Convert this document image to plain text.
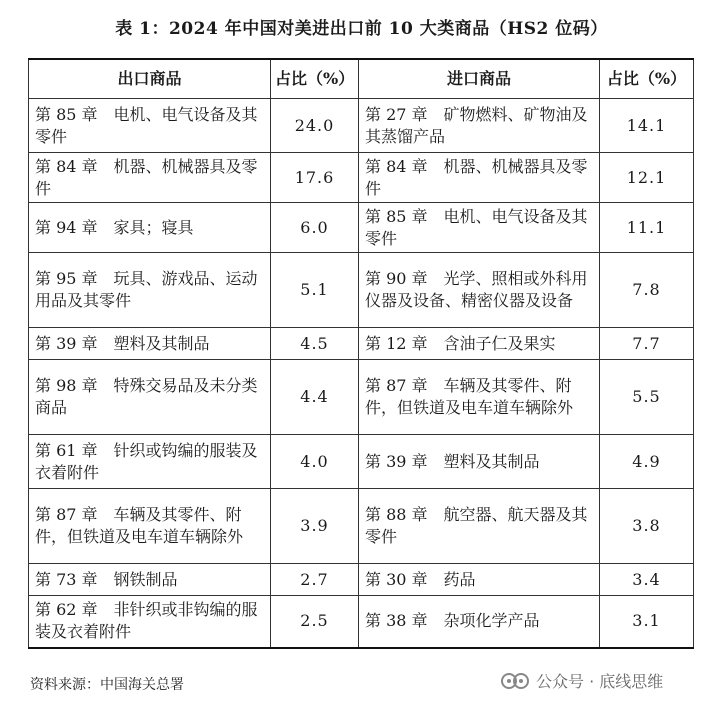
表 1：2024 年中国对美进出口前 10 大类商品（HS2 位码）
出口商品	占比（%）	进口商品	占比（%）
第 85 章　电机、电气设备及其零件	24.0	第 27 章　矿物燃料、矿物油及其蒸馏产品	14.1
第 84 章　机器、机械器具及零件	17.6	第 84 章　机器、机械器具及零件	12.1
第 94 章　家具；寝具	6.0	第 85 章　电机、电气设备及其零件	11.1
第 95 章　玩具、游戏品、运动用品及其零件	5.1	第 90 章　光学、照相或外科用仪器及设备、精密仪器及设备	7.8
第 39 章　塑料及其制品	4.5	第 12 章　含油子仁及果实	7.7
第 98 章　特殊交易品及未分类商品	4.4	第 87 章　车辆及其零件、附件，但铁道及电车道车辆除外	5.5
第 61 章　针织或钩编的服装及衣着附件	4.0	第 39 章　塑料及其制品	4.9
第 87 章　车辆及其零件、附件，但铁道及电车道车辆除外	3.9	第 88 章　航空器、航天器及其零件	3.8
第 73 章　钢铁制品	2.7	第 30 章　药品	3.4
第 62 章　非针织或非钩编的服装及衣着附件	2.5	第 38 章　杂项化学产品	3.1
资料来源：中国海关总署	公众号 · 底线思维
